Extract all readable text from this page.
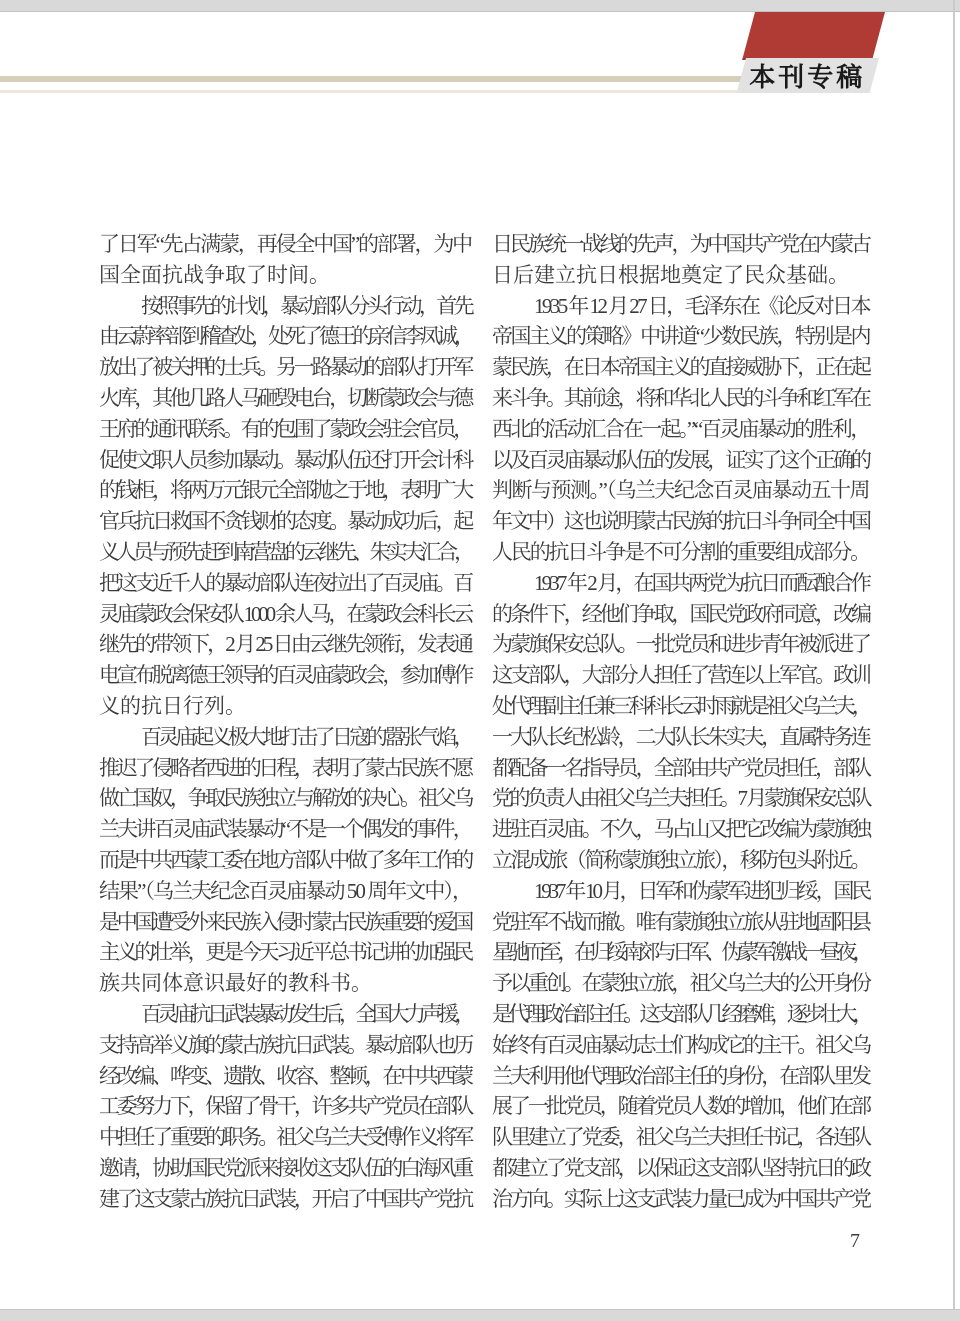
本刊专稿
了日军“先占满蒙，再侵全中国”的部署，为中
国全面抗战争取了时间。
按照事先的计划，暴动部队分头行动，首先
由云蔚率部到稽查处，处死了德王的亲信李凤诚，
放出了被关押的士兵。另一路暴动的部队打开军
火库，其他几路人马砸毁电台，切断蒙政会与德
王府的通讯联系。有的包围了蒙政会驻会官员，
促使文职人员参加暴动。暴动队伍还打开会计科
的钱柜，将两万元银元全部抛之于地，表明广大
官兵抗日救国不贪钱财的态度。暴动成功后，起
义人员与预先赶到南营盘的云继先、朱实夫汇合，
把这支近千人的暴动部队连夜拉出了百灵庙。百
灵庙蒙政会保安队 1000 余人马，在蒙政会科长云
继先的带领下，2 月 25 日由云继先领衔，发表通
电宣布脱离德王领导的百灵庙蒙政会，参加傅作
义的抗日行列。
百灵庙起义极大地打击了日寇的嚣张气焰，
推迟了侵略者西进的日程，表明了蒙古民族不愿
做亡国奴，争取民族独立与解放的决心。祖父乌
兰夫讲百灵庙武装暴动“不是一个偶发的事件，
而是中共西蒙工委在地方部队中做了多年工作的
结果”（乌兰夫纪念百灵庙暴动 50 周年文中），
是中国遭受外来民族入侵时蒙古民族重要的爱国
主义的壮举，更是今天习近平总书记讲的加强民
族共同体意识最好的教科书。
百灵庙抗日武装暴动发生后，全国大力声援，
支持高举义旗的蒙古族抗日武装。暴动部队也历
经改编、哗变、遗散、收容、整顿，在中共西蒙
工委努力下，保留了骨干，许多共产党员在部队
中担任了重要的职务。祖父乌兰夫受傅作义将军
邀请，协助国民党派来接收这支队伍的白海风重
建了这支蒙古族抗日武装，开启了中国共产党抗
日民族统一战线的先声，为中国共产党在内蒙古
日后建立抗日根据地奠定了民众基础。
1935 年 12 月 27 日，毛泽东在《论反对日本
帝国主义的策略》中讲道“少数民族，特别是内
蒙民族，在日本帝国主义的直接威胁下，正在起
来斗争。其前途，将和华北人民的斗争和红军在
西北的活动汇合在一起。”“百灵庙暴动的胜利，
以及百灵庙暴动队伍的发展，证实了这个正确的
判断与预测。”（乌兰夫纪念百灵庙暴动五十周
年文中）这也说明蒙古民族的抗日斗争同全中国
人民的抗日斗争是不可分割的重要组成部分。
1937 年 2 月，在国共两党为抗日而酝酿合作
的条件下，经他们争取，国民党政府同意，改编
为蒙旗保安总队。一批党员和进步青年被派进了
这支部队，大部分人担任了营连以上军官。政训
处代理副主任兼三科科长云时雨就是祖父乌兰夫，
一大队长纪松龄，二大队长朱实夫，直属特务连
都配备一名指导员，全部由共产党员担任，部队
党的负责人由祖父乌兰夫担任。7 月蒙旗保安总队
进驻百灵庙。不久，马占山又把它改编为蒙旗独
立混成旅（简称蒙旗独立旅），移防包头附近。
1937 年 10 月，日军和伪蒙军进犯归绥，国民
党驻军不战而撤。唯有蒙旗独立旅从驻地固阳县
星驰而至，在归绥南郊与日军、伪蒙军激战一昼夜，
予以重创。在蒙独立旅，祖父乌兰夫的公开身份
是代理政治部主任。这支部队几经磨难，逐步壮大，
始终有百灵庙暴动志士们构成它的主干。祖父乌
兰夫利用他代理政治部主任的身份，在部队里发
展了一批党员，随着党员人数的增加，他们在部
队里建立了党委，祖父乌兰夫担任书记，各连队
都建立了党支部，以保证这支部队坚持抗日的政
治方向。实际上这支武装力量已成为中国共产党
7
